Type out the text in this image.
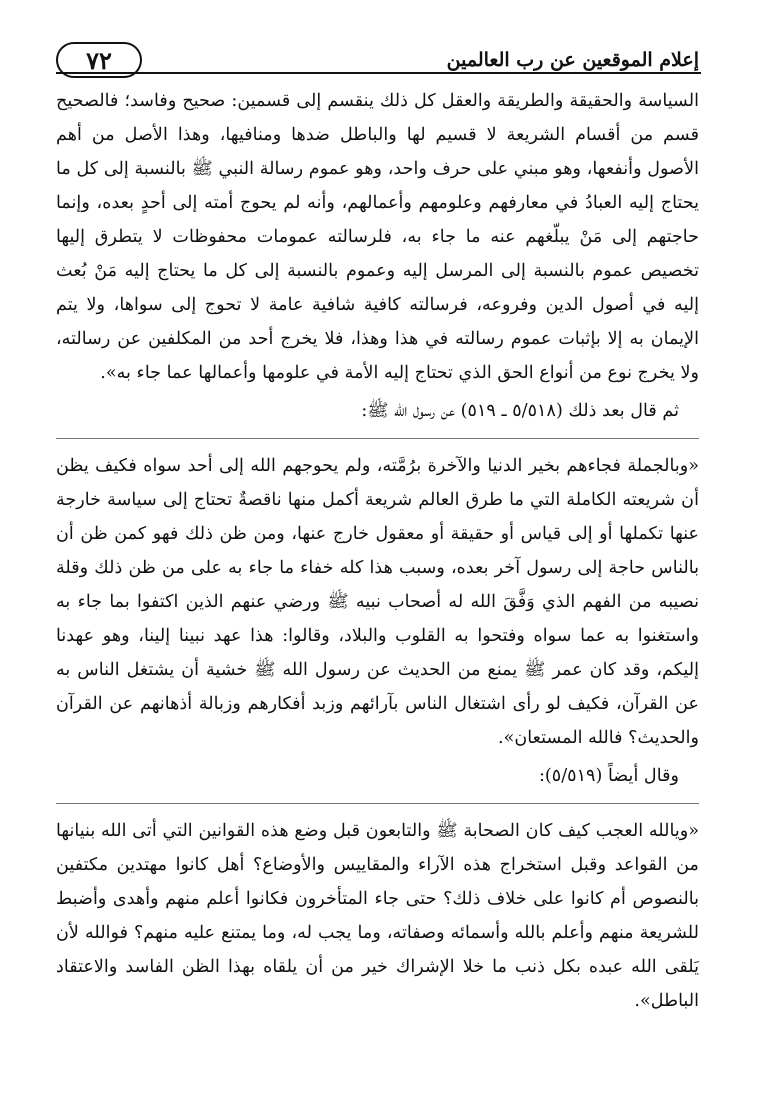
إعلام الموقعين عن رب العالمين
٧٢

السياسة والحقيقة والطريقة والعقل كل ذلك ينقسم إلى قسمين: صحيح وفاسد؛ فالصحيح قسم من أقسام الشريعة لا قسيم لها والباطل ضدها ومنافيها، وهذا الأصل من أهم الأصول وأنفعها، وهو مبني على حرف واحد، وهو عموم رسالة النبي ﷺ بالنسبة إلى كل ما يحتاج إليه العبادُ في معارفهم وعلومهم وأعمالهم، وأنه لم يحوج أمته إلى أحدٍ بعده، وإنما حاجتهم إلى مَنْ يبلّغهم عنه ما جاء به، فلرسالته عمومات محفوظات لا يتطرق إليها تخصيص عموم بالنسبة إلى المرسل إليه وعموم بالنسبة إلى كل ما يحتاج إليه مَنْ بُعث إليه في أصول الدين وفروعه، فرسالته كافية شافية عامة لا تحوج إلى سواها، ولا يتم الإيمان به إلا بإثبات عموم رسالته في هذا وهذا، فلا يخرج أحد من المكلفين عن رسالته، ولا يخرج نوع من أنواع الحق الذي تحتاج إليه الأمة في علومها وأعمالها عما جاء به».

ثم قال بعد ذلك (٥/٥١٨ ـ ٥١٩) عن رسول الله ﷺ:

«وبالجملة فجاءهم بخير الدنيا والآخرة برُمَّته، ولم يحوجهم الله إلى أحد سواه فكيف يظن أن شريعته الكاملة التي ما طرق العالم شريعة أكمل منها ناقصةٌ تحتاج إلى سياسة خارجة عنها تكملها أو إلى قياس أو حقيقة أو معقول خارج عنها، ومن ظن ذلك فهو كمن ظن أن بالناس حاجة إلى رسول آخر بعده، وسبب هذا كله خفاء ما جاء به على من ظن ذلك وقلة نصيبه من الفهم الذي وَفَّقَ الله له أصحاب نبيه ﷺ ورضي عنهم الذين اكتفوا بما جاء به واستغنوا به عما سواه وفتحوا به القلوب والبلاد، وقالوا: هذا عهد نبينا إلينا، وهو عهدنا إليكم، وقد كان عمر ﷺ يمنع من الحديث عن رسول الله ﷺ خشية أن يشتغل الناس به عن القرآن، فكيف لو رأى اشتغال الناس بآرائهم وزبد أفكارهم وزبالة أذهانهم عن القرآن والحديث؟ فالله المستعان».

وقال أيضاً (٥/٥١٩):

«ويالله العجب كيف كان الصحابة ﷺ والتابعون قبل وضع هذه القوانين التي أتى الله بنيانها من القواعد وقبل استخراج هذه الآراء والمقاييس والأوضاع؟ أهل كانوا مهتدين مكتفين بالنصوص أم كانوا على خلاف ذلك؟ حتى جاء المتأخرون فكانوا أعلم منهم وأهدى وأضبط للشريعة منهم وأعلم بالله وأسمائه وصفاته، وما يجب له، وما يمتنع عليه منهم؟ فوالله لأن يَلقى الله عبده بكل ذنب ما خلا الإشراك خير من أن يلقاه بهذا الظن الفاسد والاعتقاد الباطل».
